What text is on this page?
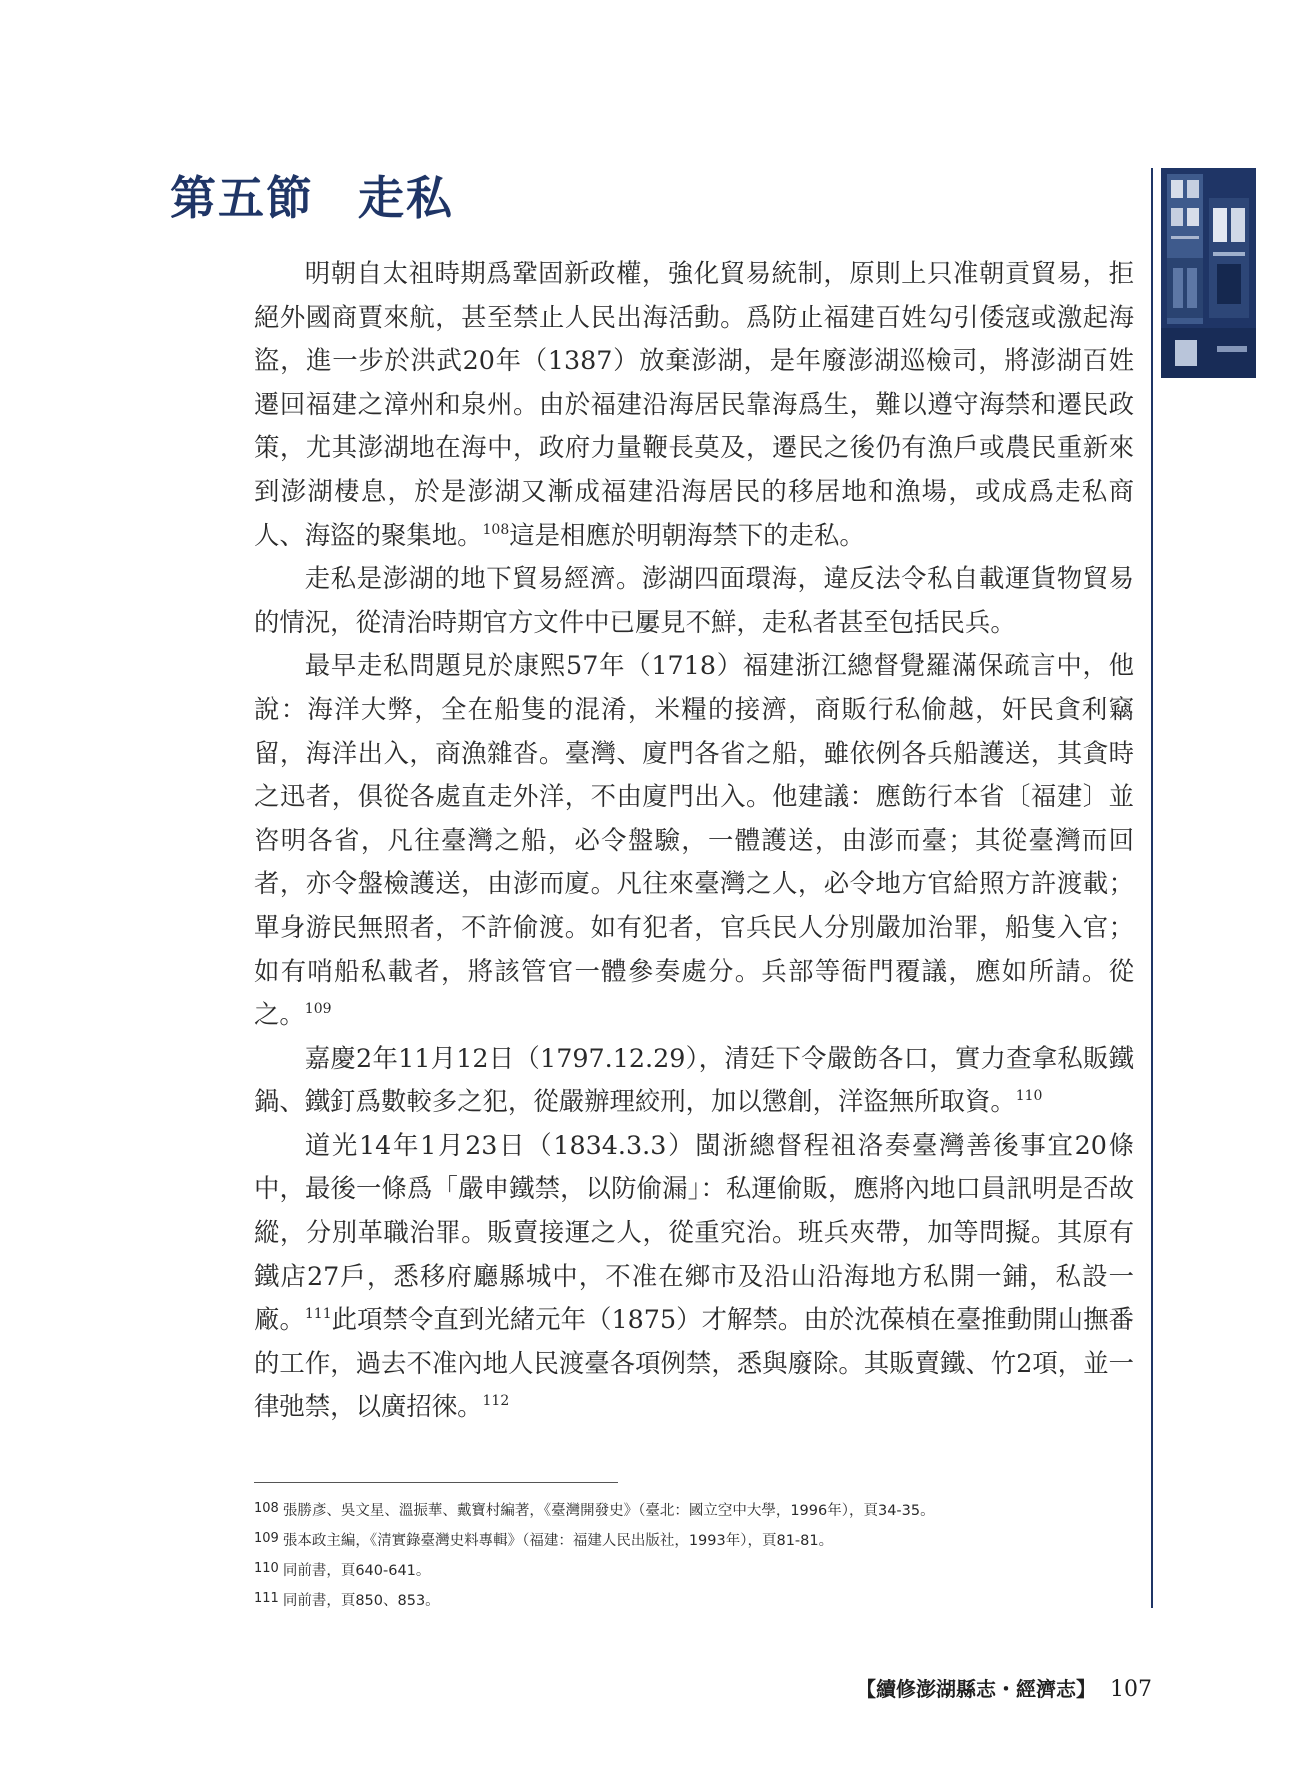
第五節 走私

明朝自太祖時期爲鞏固新政權，強化貿易統制，原則上只准朝貢貿易，拒絕外國商賈來航，甚至禁止人民出海活動。爲防止福建百姓勾引倭寇或激起海盜，進一步於洪武20年（1387）放棄澎湖，是年廢澎湖巡檢司，將澎湖百姓遷回福建之漳州和泉州。由於福建沿海居民靠海爲生，難以遵守海禁和遷民政策，尤其澎湖地在海中，政府力量鞭長莫及，遷民之後仍有漁戶或農民重新來到澎湖棲息，於是澎湖又漸成福建沿海居民的移居地和漁場，或成爲走私商人、海盜的聚集地。$^{108}$這是相應於明朝海禁下的走私。

走私是澎湖的地下貿易經濟。澎湖四面環海，違反法令私自載運貨物貿易的情況，從清治時期官方文件中已屢見不鮮，走私者甚至包括民兵。

最早走私問題見於康熙57年（1718）福建浙江總督覺羅滿保疏言中，他說：海洋大弊，全在船隻的混淆，米糧的接濟，商販行私偷越，奸民貪利竊留，海洋出入，商漁雜沓。臺灣、廈門各省之船，雖依例各兵船護送，其貪時之迅者，俱從各處直走外洋，不由廈門出入。他建議：應飭行本省〔福建〕並咨明各省，凡往臺灣之船，必令盤驗，一體護送，由澎而臺；其從臺灣而回者，亦令盤檢護送，由澎而廈。凡往來臺灣之人，必令地方官給照方許渡載；單身游民無照者，不許偷渡。如有犯者，官兵民人分別嚴加治罪，船隻入官；如有哨船私載者，將該管官一體參奏處分。兵部等衙門覆議，應如所請。從之。$^{109}$

嘉慶2年11月12日（1797.12.29），清廷下令嚴飭各口，實力查拿私販鐵鍋、鐵釘爲數較多之犯，從嚴辦理絞刑，加以懲創，洋盜無所取資。$^{110}$

道光14年1月23日（1834.3.3）閩浙總督程祖洛奏臺灣善後事宜20條中，最後一條爲「嚴申鐵禁，以防偷漏」：私運偷販，應將內地口員訊明是否故縱，分別革職治罪。販賣接運之人，從重究治。班兵夾帶，加等問擬。其原有鐵店27戶，悉移府廳縣城中，不准在鄉市及沿山沿海地方私開一鋪，私設一廠。$^{111}$此項禁令直到光緒元年（1875）才解禁。由於沈葆楨在臺推動開山撫番的工作，過去不准內地人民渡臺各項例禁，悉與廢除。其販賣鐵、竹2項，並一律弛禁，以廣招徠。$^{112}$

108 張勝彥、吳文星、溫振華、戴寶村編著，《臺灣開發史》（臺北：國立空中大學，1996年），頁34-35。
109 張本政主編，《清實錄臺灣史料專輯》（福建：福建人民出版社，1993年），頁81-81。
110 同前書，頁640-641。
111 同前書，頁850、853。
【續修澎湖縣志・經濟志】 107
